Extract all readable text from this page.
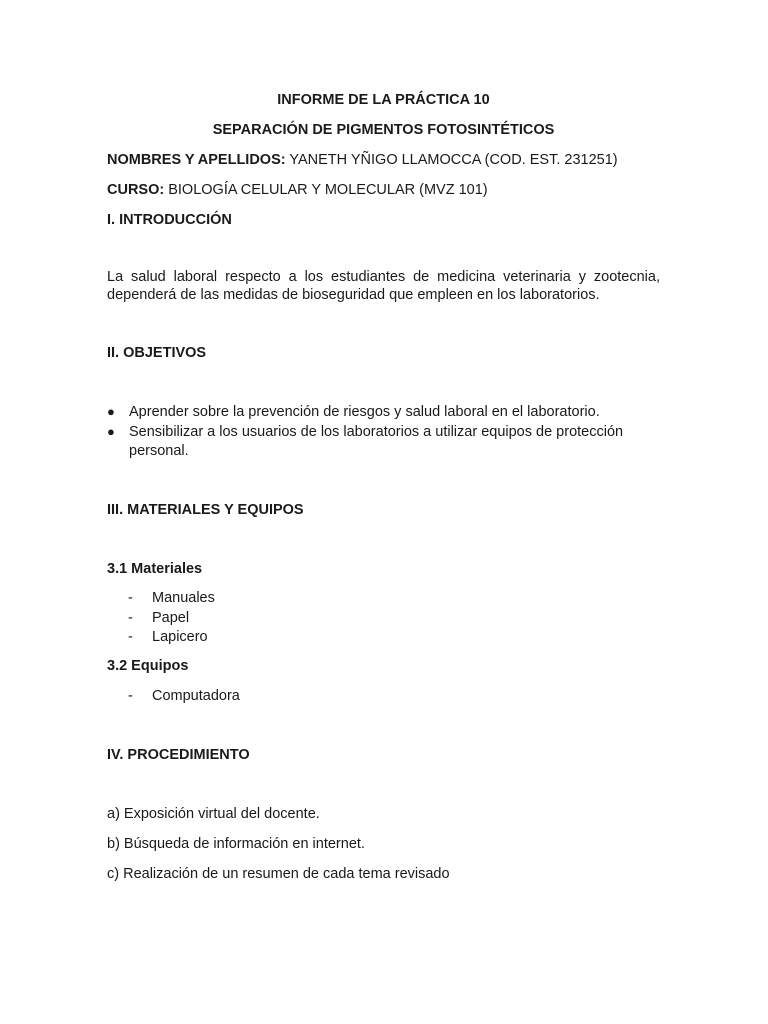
INFORME DE LA PRÁCTICA 10
SEPARACIÓN DE PIGMENTOS FOTOSINTÉTICOS
NOMBRES Y APELLIDOS: YANETH YÑIGO LLAMOCCA (COD. EST. 231251)
CURSO: BIOLOGÍA CELULAR Y MOLECULAR (MVZ 101)
I. INTRODUCCIÓN
La salud laboral respecto a los estudiantes de medicina veterinaria y zootecnia, dependerá de las medidas de bioseguridad que empleen en los laboratorios.
II. OBJETIVOS
● Aprender sobre la prevención de riesgos y salud laboral en el laboratorio.
● Sensibilizar a los usuarios de los laboratorios a utilizar equipos de protección personal.
III. MATERIALES Y EQUIPOS
3.1 Materiales
- Manuales
- Papel
- Lapicero
3.2 Equipos
- Computadora
IV. PROCEDIMIENTO
a) Exposición virtual del docente.
b) Búsqueda de información en internet.
c) Realización de un resumen de cada tema revisado
